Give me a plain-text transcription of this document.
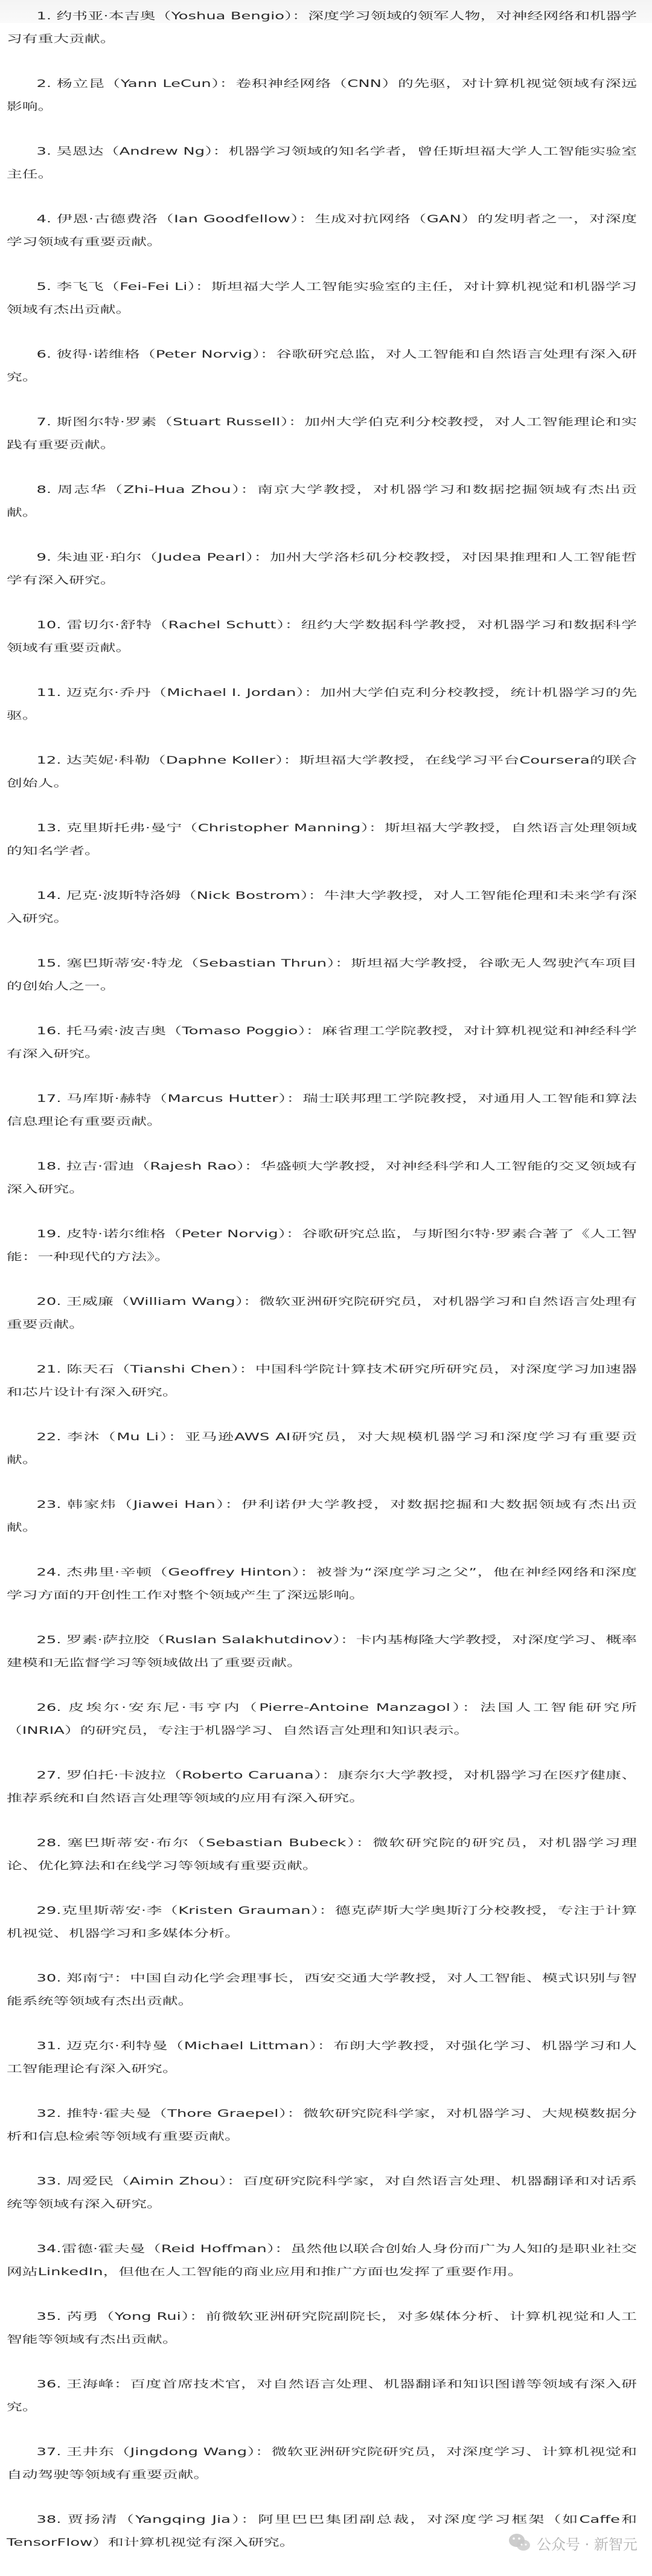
1. 约书亚·本吉奥（Yoshua Bengio）：深度学习领域的领军人物，对神经网络和机器学习有重大贡献。

2. 杨立昆（Yann LeCun）：卷积神经网络（CNN）的先驱，对计算机视觉领域有深远影响。

3. 吴恩达（Andrew Ng）：机器学习领域的知名学者，曾任斯坦福大学人工智能实验室主任。

4. 伊恩·古德费洛（Ian Goodfellow）：生成对抗网络（GAN）的发明者之一，对深度学习领域有重要贡献。

5. 李飞飞（Fei-Fei Li）：斯坦福大学人工智能实验室的主任，对计算机视觉和机器学习领域有杰出贡献。

6. 彼得·诺维格（Peter Norvig）：谷歌研究总监，对人工智能和自然语言处理有深入研究。

7. 斯图尔特·罗素（Stuart Russell）：加州大学伯克利分校教授，对人工智能理论和实践有重要贡献。

8. 周志华（Zhi-Hua Zhou）：南京大学教授，对机器学习和数据挖掘领域有杰出贡献。

9. 朱迪亚·珀尔（Judea Pearl）：加州大学洛杉矶分校教授，对因果推理和人工智能哲学有深入研究。

10. 雷切尔·舒特（Rachel Schutt）：纽约大学数据科学教授，对机器学习和数据科学领域有重要贡献。

11. 迈克尔·乔丹（Michael I. Jordan）：加州大学伯克利分校教授，统计机器学习的先驱。

12. 达芙妮·科勒（Daphne Koller）：斯坦福大学教授，在线学习平台Coursera的联合创始人。

13. 克里斯托弗·曼宁（Christopher Manning）：斯坦福大学教授，自然语言处理领域的知名学者。

14. 尼克·波斯特洛姆（Nick Bostrom）：牛津大学教授，对人工智能伦理和未来学有深入研究。

15. 塞巴斯蒂安·特龙（Sebastian Thrun）：斯坦福大学教授，谷歌无人驾驶汽车项目的创始人之一。

16. 托马索·波吉奥（Tomaso Poggio）：麻省理工学院教授，对计算机视觉和神经科学有深入研究。

17. 马库斯·赫特（Marcus Hutter）：瑞士联邦理工学院教授，对通用人工智能和算法信息理论有重要贡献。

18. 拉吉·雷迪（Rajesh Rao）：华盛顿大学教授，对神经科学和人工智能的交叉领域有深入研究。

19. 皮特·诺尔维格（Peter Norvig）：谷歌研究总监，与斯图尔特·罗素合著了《人工智能：一种现代的方法》。

20. 王威廉（William Wang）：微软亚洲研究院研究员，对机器学习和自然语言处理有重要贡献。

21. 陈天石（Tianshi Chen）：中国科学院计算技术研究所研究员，对深度学习加速器和芯片设计有深入研究。

22. 李沐（Mu Li）：亚马逊AWS AI研究员，对大规模机器学习和深度学习有重要贡献。

23. 韩家炜（Jiawei Han）：伊利诺伊大学教授，对数据挖掘和大数据领域有杰出贡献。

24. 杰弗里·辛顿（Geoffrey Hinton）：被誉为“深度学习之父”，他在神经网络和深度学习方面的开创性工作对整个领域产生了深远影响。

25. 罗素·萨拉胶（Ruslan Salakhutdinov）：卡内基梅隆大学教授，对深度学习、概率建模和无监督学习等领域做出了重要贡献。

26. 皮埃尔·安东尼·韦亨内（Pierre-Antoine Manzagol）：法国人工智能研究所（INRIA）的研究员，专注于机器学习、自然语言处理和知识表示。

27. 罗伯托·卡波拉（Roberto Caruana）：康奈尔大学教授，对机器学习在医疗健康、推荐系统和自然语言处理等领域的应用有深入研究。

28. 塞巴斯蒂安·布尔（Sebastian Bubeck）：微软研究院的研究员，对机器学习理论、优化算法和在线学习等领域有重要贡献。

29.克里斯蒂安·李（Kristen Grauman）：德克萨斯大学奥斯汀分校教授，专注于计算机视觉、机器学习和多媒体分析。

30. 郑南宁：中国自动化学会理事长，西安交通大学教授，对人工智能、模式识别与智能系统等领域有杰出贡献。

31. 迈克尔·利特曼（Michael Littman）：布朗大学教授，对强化学习、机器学习和人工智能理论有深入研究。

32. 推特·霍夫曼（Thore Graepel）：微软研究院科学家，对机器学习、大规模数据分析和信息检索等领域有重要贡献。

33. 周爱民（Aimin Zhou）：百度研究院科学家，对自然语言处理、机器翻译和对话系统等领域有深入研究。

34.雷德·霍夫曼（Reid Hoffman）：虽然他以联合创始人身份而广为人知的是职业社交网站LinkedIn，但他在人工智能的商业应用和推广方面也发挥了重要作用。

35. 芮勇（Yong Rui）：前微软亚洲研究院副院长，对多媒体分析、计算机视觉和人工智能等领域有杰出贡献。

36. 王海峰：百度首席技术官，对自然语言处理、机器翻译和知识图谱等领域有深入研究。

37. 王井东（Jingdong Wang）：微软亚洲研究院研究员，对深度学习、计算机视觉和自动驾驶等领域有重要贡献。

38. 贾扬清（Yangqing Jia）：阿里巴巴集团副总裁，对深度学习框架（如Caffe和TensorFlow）和计算机视觉有深入研究。	公众号 · 新智元
